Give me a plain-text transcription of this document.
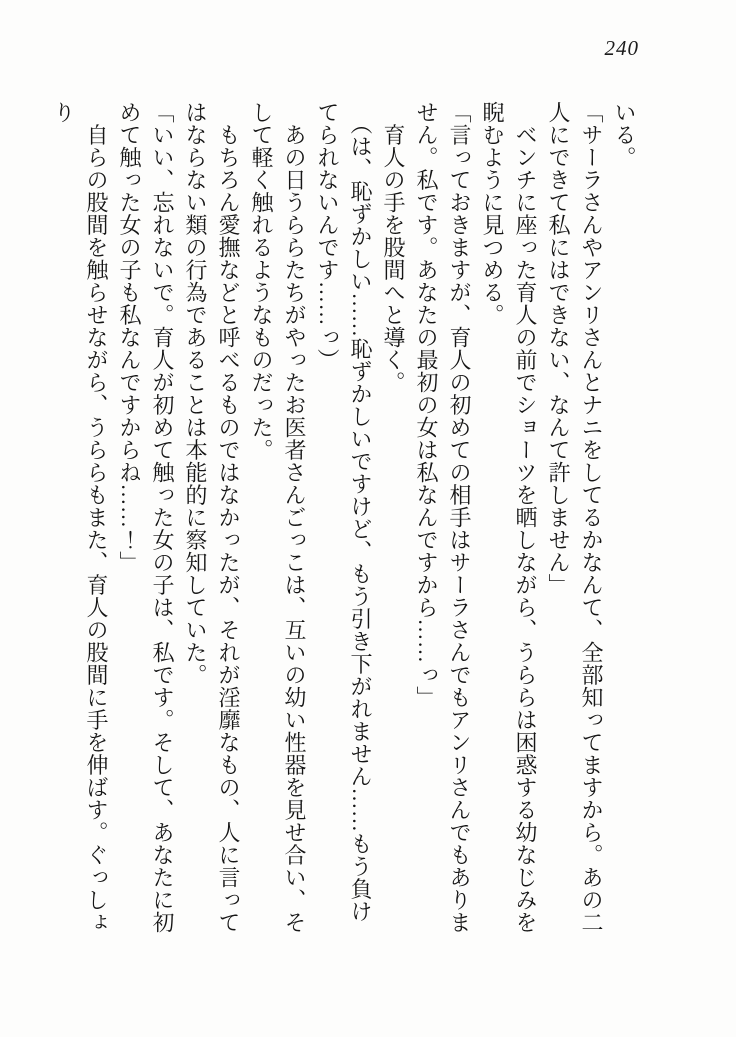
240

いる。

「サーラさんやアンリさんとナニをしてるかなんて、全部知ってますから。あの二人にできて私にはできない、なんて許しません」

　ベンチに座った育人の前でショーツを晒しながら、うららは困惑する幼なじみを睨むように見つめる。

「言っておきますが、育人の初めての相手はサーラさんでもアンリさんでもありません。私です。あなたの最初の女は私なんですから……っ」

　育人の手を股間へと導く。

　（は、恥ずかしい……恥ずかしいですけど、もう引き下がれません……もう負けてられないんです……っ）

　あの日うららたちがやったお医者さんごっこは、互いの幼い性器を見せ合い、そして軽く触れるようなものだった。

　もちろん愛撫などと呼べるものではなかったが、それが淫靡なもの、人に言ってはならない類の行為であることは本能的に察知していた。

「いい、忘れないで。育人が初めて触った女の子は、私です。そして、あなたに初めて触った女の子も私なんですからね……！」

　自らの股間を触らせながら、うららもまた、育人の股間に手を伸ばす。ぐっしょり
